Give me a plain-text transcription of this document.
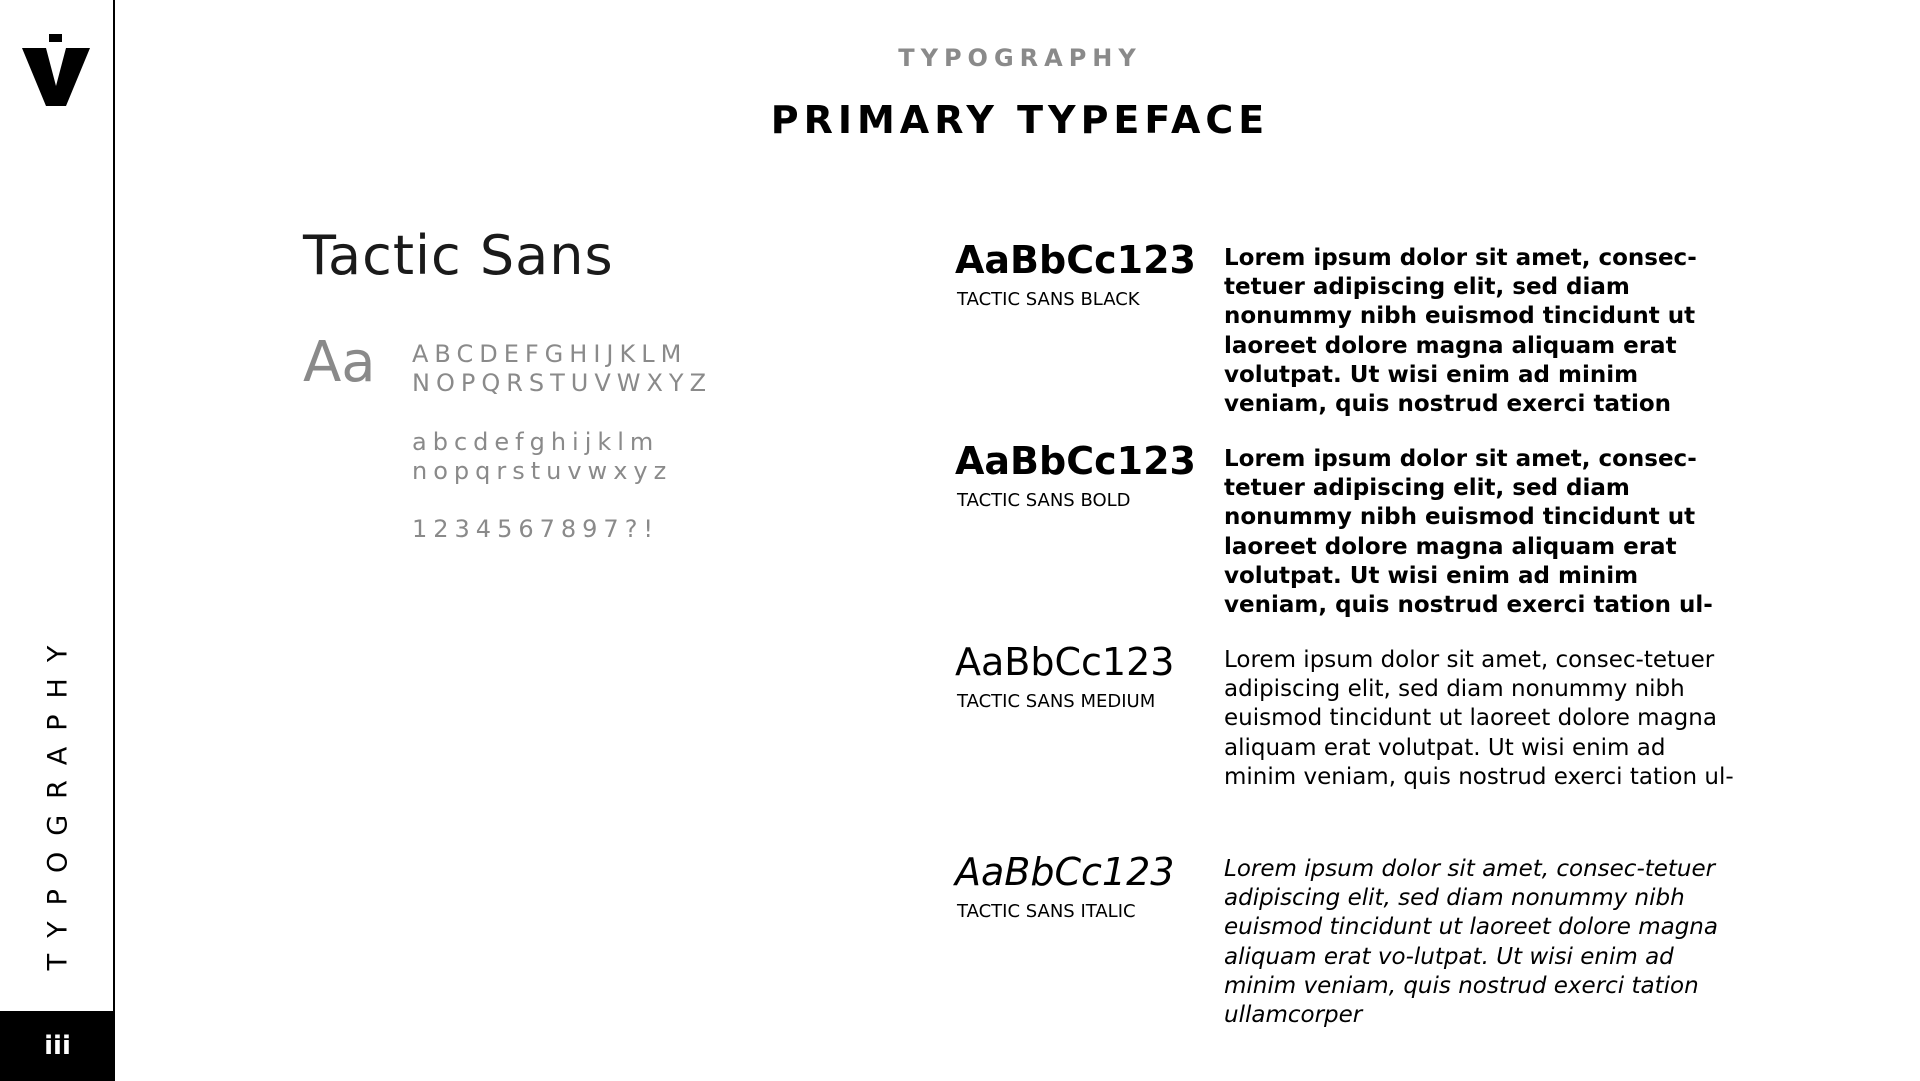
TYPOGRAPHY
iii
TYPOGRAPHY
PRIMARY TYPEFACE
Tactic Sans
Aa ABCDEFGHIJKLM
NOPQRSTUVWXYZ
abcdefghijklm
nopqrstuvwxyz
1234567897?!
AaBbCc123
TACTIC SANS BLACK
Lorem ipsum dolor sit amet, consec-tetuer adipiscing elit, sed diam nonummy nibh euismod tincidunt ut laoreet dolore magna aliquam erat volutpat. Ut wisi enim ad minim veniam, quis nostrud exerci tation
AaBbCc123
TACTIC SANS BOLD
Lorem ipsum dolor sit amet, consec-tetuer adipiscing elit, sed diam nonummy nibh euismod tincidunt ut laoreet dolore magna aliquam erat volutpat. Ut wisi enim ad minim veniam, quis nostrud exerci tation ul-
AaBbCc123
TACTIC SANS MEDIUM
Lorem ipsum dolor sit amet, consec-tetuer adipiscing elit, sed diam nonummy nibh euismod tincidunt ut laoreet dolore magna aliquam erat volutpat. Ut wisi enim ad minim veniam, quis nostrud exerci tation ul-
AaBbCc123
TACTIC SANS ITALIC
Lorem ipsum dolor sit amet, consec-tetuer adipiscing elit, sed diam nonummy nibh euismod tincidunt ut laoreet dolore magna aliquam erat vo-lutpat. Ut wisi enim ad minim veniam, quis nostrud exerci tation ullamcorper
